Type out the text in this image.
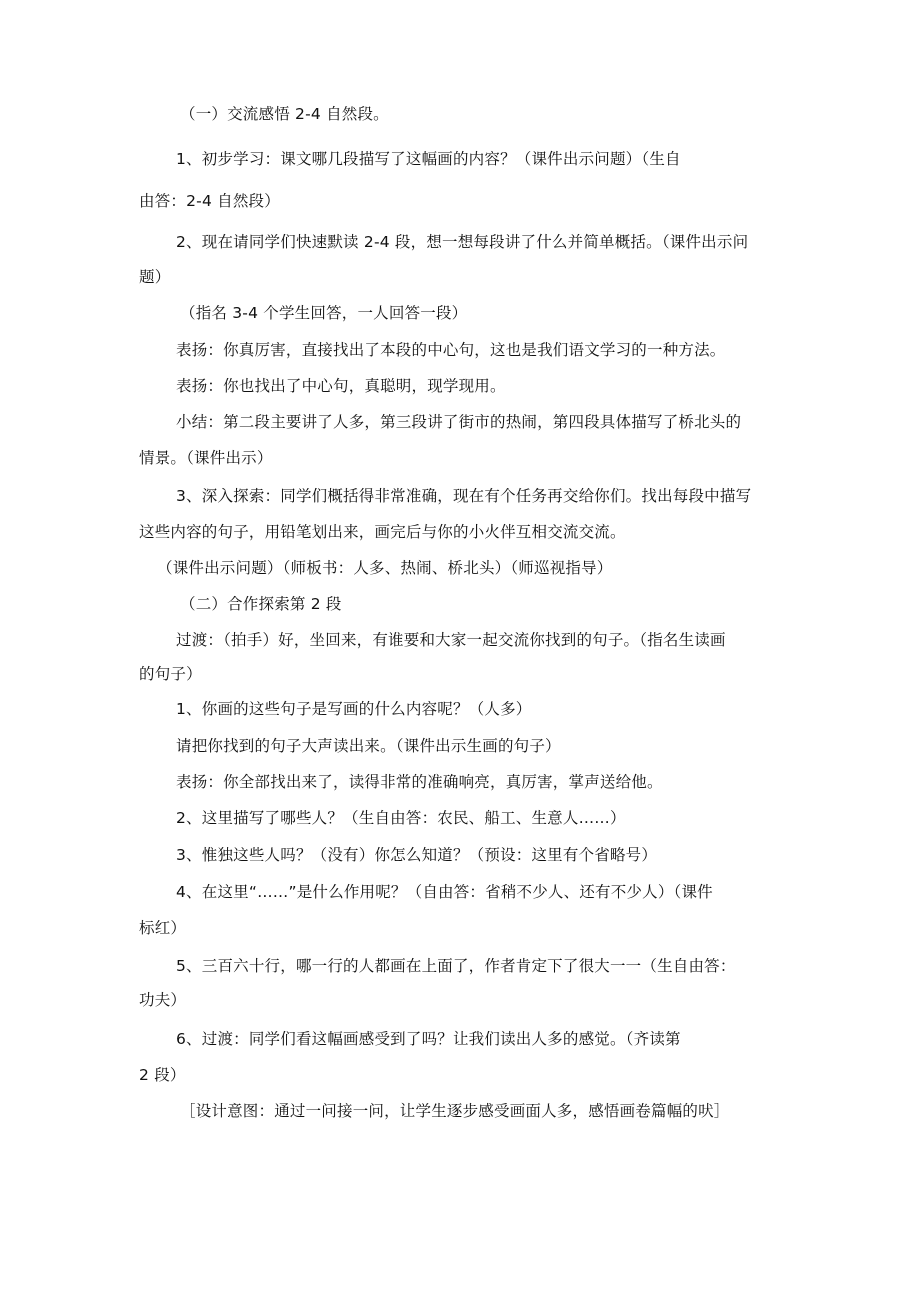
（一）交流感悟 2-4 自然段。
1、初步学习：课文哪几段描写了这幅画的内容？（课件出示问题）（生自
由答：2-4 自然段）
2、现在请同学们快速默读 2-4 段，想一想每段讲了什么并简单概括。（课件出示问
题）
（指名 3-4 个学生回答，一人回答一段）
表扬：你真厉害，直接找出了本段的中心句，这也是我们语文学习的一种方法。
表扬：你也找出了中心句，真聪明，现学现用。
小结：第二段主要讲了人多，第三段讲了街市的热闹，第四段具体描写了桥北头的
情景。（课件出示）
3、深入探索：同学们概括得非常准确，现在有个任务再交给你们。找出每段中描写
这些内容的句子，用铅笔划出来，画完后与你的小火伴互相交流交流。
（课件出示问题）（师板书：人多、热闹、桥北头）（师巡视指导）
（二）合作探索第 2 段
过渡：（拍手）好，坐回来，有谁要和大家一起交流你找到的句子。（指名生读画
的句子）
1、你画的这些句子是写画的什么内容呢？（人多）
请把你找到的句子大声读出来。（课件出示生画的句子）
表扬：你全部找出来了，读得非常的准确响亮，真厉害，掌声送给他。
2、这里描写了哪些人？（生自由答：农民、船工、生意人……）
3、惟独这些人吗？（没有）你怎么知道？（预设：这里有个省略号）
4、在这里“……”是什么作用呢？（自由答：省稍不少人、还有不少人）（课件
标红）
5、三百六十行，哪一行的人都画在上面了，作者肯定下了很大一一（生自由答：
功夫）
6、过渡：同学们看这幅画感受到了吗？让我们读出人多的感觉。（齐读第
2 段）
［设计意图：通过一问接一问，让学生逐步感受画面人多，感悟画卷篇幅的吠］
